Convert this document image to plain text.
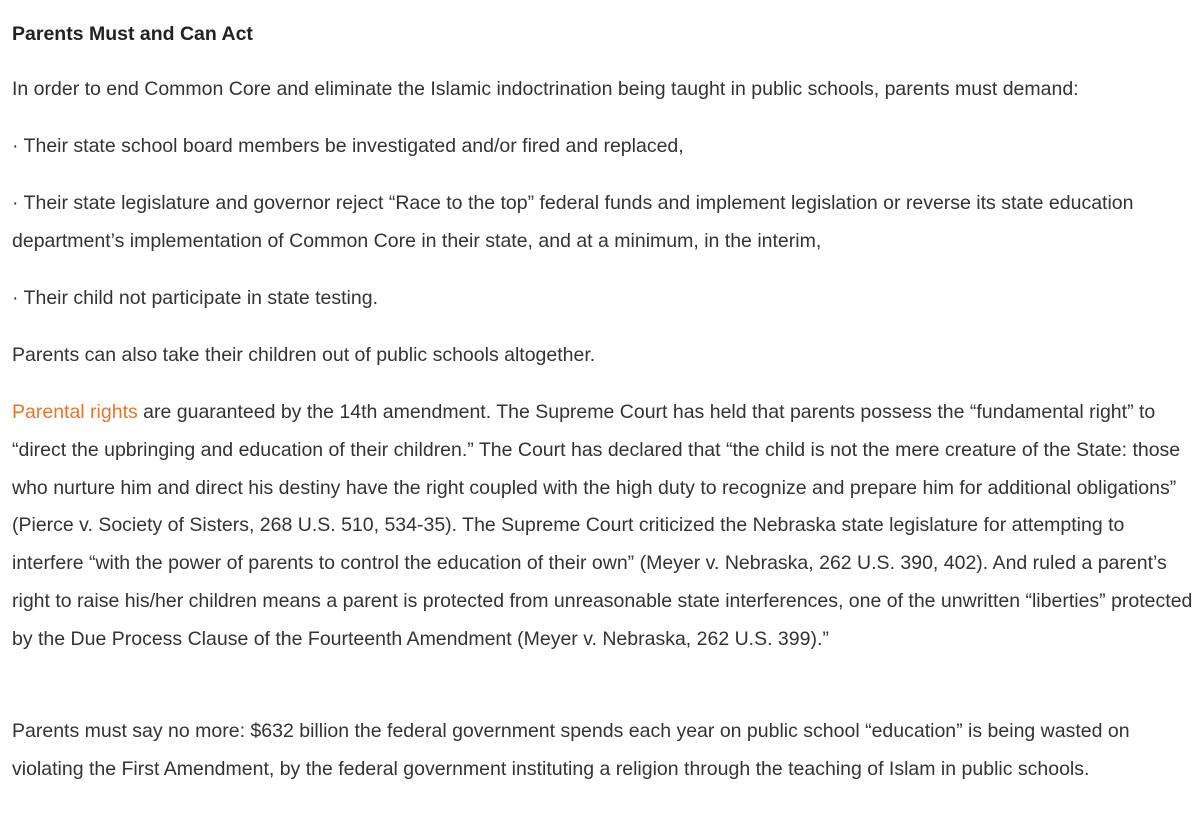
Parents Must and Can Act

In order to end Common Core and eliminate the Islamic indoctrination being taught in public schools, parents must demand:

· Their state school board members be investigated and/or fired and replaced,

· Their state legislature and governor reject “Race to the top” federal funds and implement legislation or reverse its state education department’s implementation of Common Core in their state, and at a minimum, in the interim,

· Their child not participate in state testing.

Parents can also take their children out of public schools altogether.

Parental rights are guaranteed by the 14th amendment. The Supreme Court has held that parents possess the “fundamental right” to “direct the upbringing and education of their children.” The Court has declared that “the child is not the mere creature of the State: those who nurture him and direct his destiny have the right coupled with the high duty to recognize and prepare him for additional obligations” (Pierce v. Society of Sisters, 268 U.S. 510, 534-35). The Supreme Court criticized the Nebraska state legislature for attempting to interfere “with the power of parents to control the education of their own” (Meyer v. Nebraska, 262 U.S. 390, 402). And ruled a parent’s right to raise his/her children means a parent is protected from unreasonable state interferences, one of the unwritten “liberties” protected by the Due Process Clause of the Fourteenth Amendment (Meyer v. Nebraska, 262 U.S. 399).”

Parents must say no more: $632 billion the federal government spends each year on public school “education” is being wasted on violating the First Amendment, by the federal government instituting a religion through the teaching of Islam in public schools.
